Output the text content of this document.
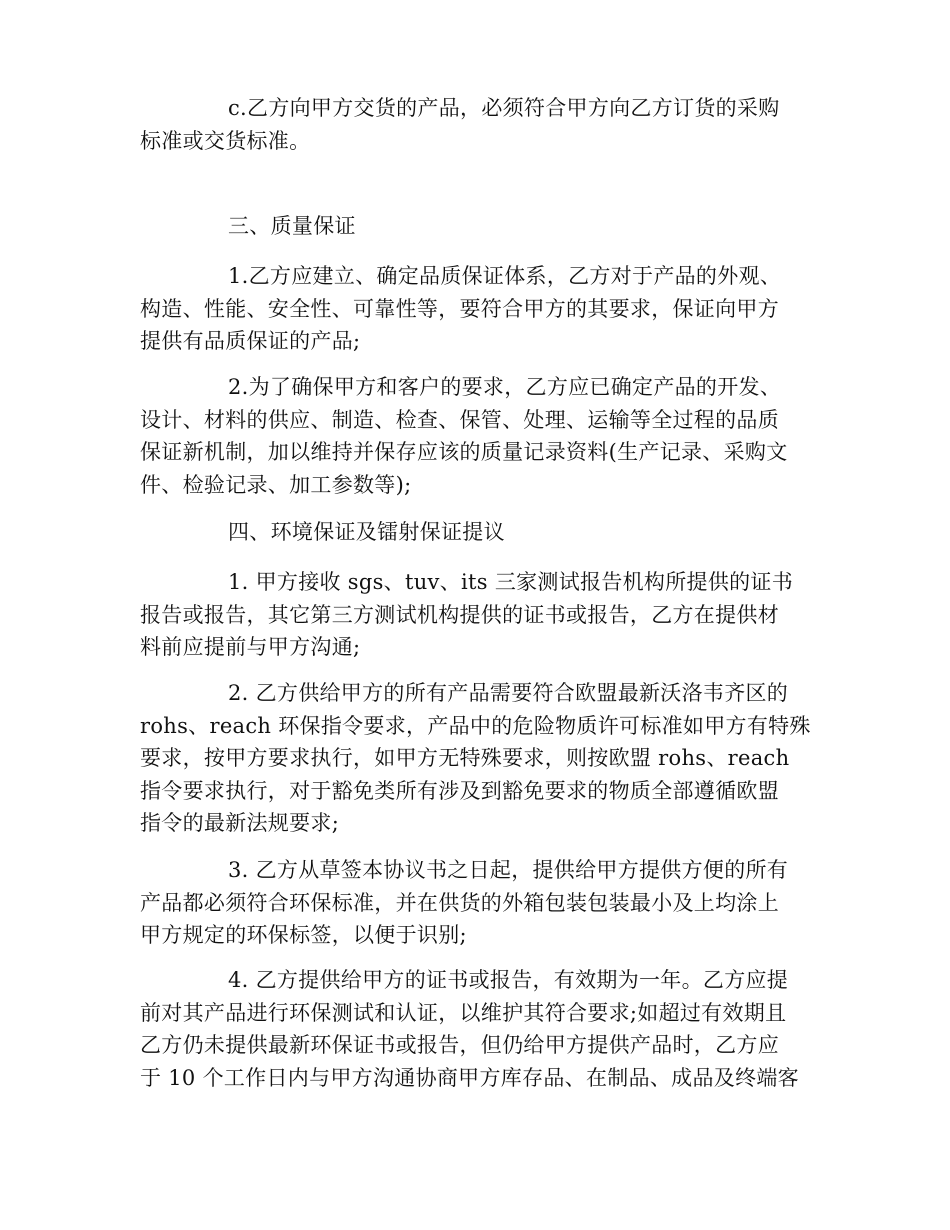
c.乙方向甲方交货的产品，必须符合甲方向乙方订货的采购
标准或交货标准。
三、质量保证
1.乙方应建立、确定品质保证体系，乙方对于产品的外观、
构造、性能、安全性、可靠性等，要符合甲方的其要求，保证向甲方
提供有品质保证的产品;
2.为了确保甲方和客户的要求，乙方应已确定产品的开发、
设计、材料的供应、制造、检查、保管、处理、运输等全过程的品质
保证新机制，加以维持并保存应该的质量记录资料(生产记录、采购文
件、检验记录、加工参数等);
四、环境保证及镭射保证提议
1. 甲方接收 sgs、tuv、its 三家测试报告机构所提供的证书
报告或报告，其它第三方测试机构提供的证书或报告，乙方在提供材
料前应提前与甲方沟通;
2. 乙方供给甲方的所有产品需要符合欧盟最新沃洛韦齐区的
rohs、reach 环保指令要求，产品中的危险物质许可标准如甲方有特殊
要求，按甲方要求执行，如甲方无特殊要求，则按欧盟 rohs、reach
指令要求执行，对于豁免类所有涉及到豁免要求的物质全部遵循欧盟
指令的最新法规要求;
3. 乙方从草签本协议书之日起，提供给甲方提供方便的所有
产品都必须符合环保标准，并在供货的外箱包装包装最小及上均涂上
甲方规定的环保标签，以便于识别;
4. 乙方提供给甲方的证书或报告，有效期为一年。乙方应提
前对其产品进行环保测试和认证，以维护其符合要求;如超过有效期且
乙方仍未提供最新环保证书或报告，但仍给甲方提供产品时，乙方应
于 10 个工作日内与甲方沟通协商甲方库存品、在制品、成品及终端客
